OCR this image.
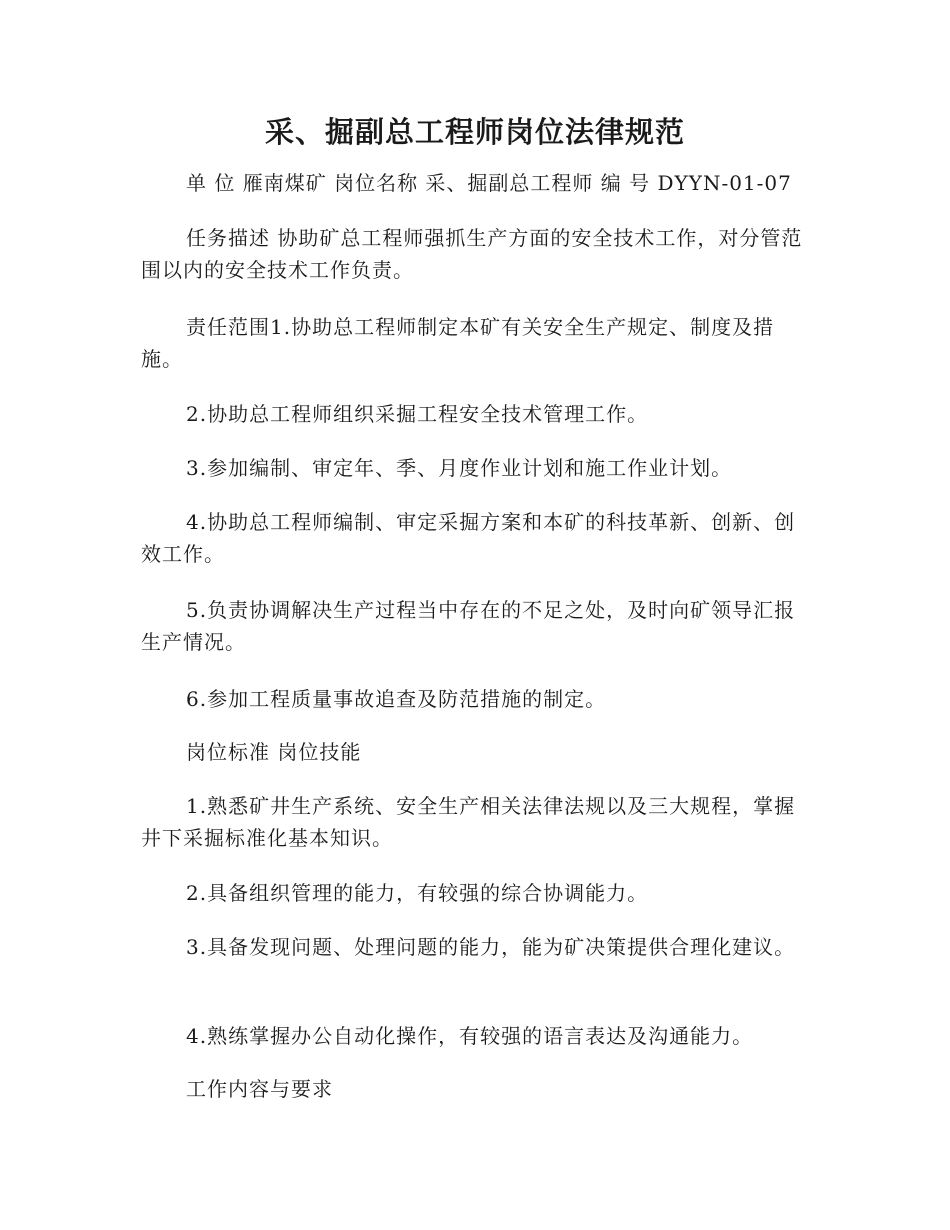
采、掘副总工程师岗位法律规范

单 位 雁南煤矿 岗位名称 采、掘副总工程师 编 号 DYYN-01-07

任务描述 协助矿总工程师强抓生产方面的安全技术工作，对分管范围以内的安全技术工作负责。

责任范围1.协助总工程师制定本矿有关安全生产规定、制度及措施。

2.协助总工程师组织采掘工程安全技术管理工作。

3.参加编制、审定年、季、月度作业计划和施工作业计划。

4.协助总工程师编制、审定采掘方案和本矿的科技革新、创新、创效工作。

5.负责协调解决生产过程当中存在的不足之处，及时向矿领导汇报生产情况。

6.参加工程质量事故追查及防范措施的制定。

岗位标准 岗位技能

1.熟悉矿井生产系统、安全生产相关法律法规以及三大规程，掌握井下采掘标准化基本知识。

2.具备组织管理的能力，有较强的综合协调能力。

3.具备发现问题、处理问题的能力，能为矿决策提供合理化建议。

4.熟练掌握办公自动化操作，有较强的语言表达及沟通能力。

工作内容与要求
